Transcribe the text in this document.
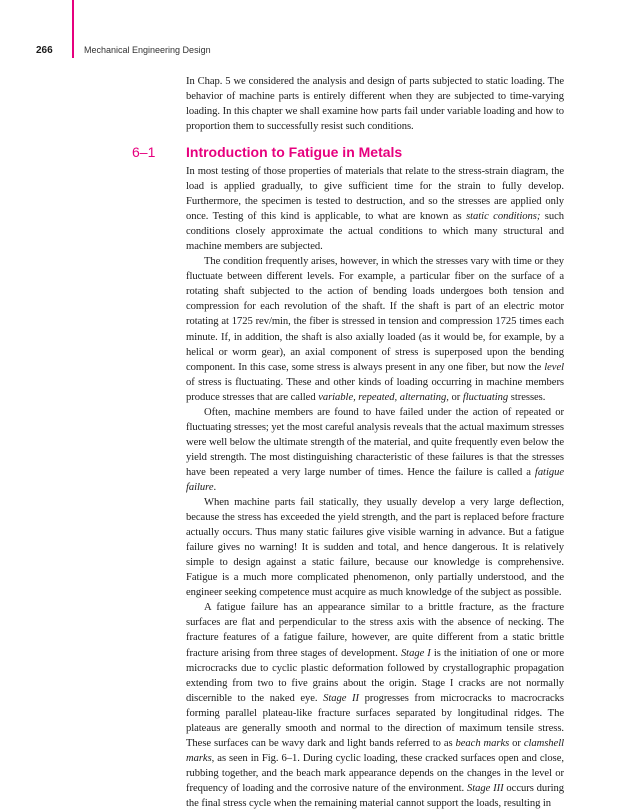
266	Mechanical Engineering Design

In Chap. 5 we considered the analysis and design of parts subjected to static loading. The behavior of machine parts is entirely different when they are subjected to time-varying loading. In this chapter we shall examine how parts fail under variable loading and how to proportion them to successfully resist such conditions.

6–1 Introduction to Fatigue in Metals

In most testing of those properties of materials that relate to the stress-strain diagram, the load is applied gradually, to give sufficient time for the strain to fully develop. Furthermore, the specimen is tested to destruction, and so the stresses are applied only once. Testing of this kind is applicable, to what are known as static conditions; such conditions closely approximate the actual conditions to which many structural and machine members are subjected.

The condition frequently arises, however, in which the stresses vary with time or they fluctuate between different levels. For example, a particular fiber on the surface of a rotating shaft subjected to the action of bending loads undergoes both tension and compression for each revolution of the shaft. If the shaft is part of an electric motor rotating at 1725 rev/min, the fiber is stressed in tension and compression 1725 times each minute. If, in addition, the shaft is also axially loaded (as it would be, for example, by a helical or worm gear), an axial component of stress is superposed upon the bending component. In this case, some stress is always present in any one fiber, but now the level of stress is fluctuating. These and other kinds of loading occurring in machine members produce stresses that are called variable, repeated, alternating, or fluctuating stresses.

Often, machine members are found to have failed under the action of repeated or fluctuating stresses; yet the most careful analysis reveals that the actual maximum stresses were well below the ultimate strength of the material, and quite frequently even below the yield strength. The most distinguishing characteristic of these failures is that the stresses have been repeated a very large number of times. Hence the failure is called a fatigue failure.

When machine parts fail statically, they usually develop a very large deflection, because the stress has exceeded the yield strength, and the part is replaced before fracture actually occurs. Thus many static failures give visible warning in advance. But a fatigue failure gives no warning! It is sudden and total, and hence dangerous. It is relatively simple to design against a static failure, because our knowledge is comprehensive. Fatigue is a much more complicated phenomenon, only partially understood, and the engineer seeking competence must acquire as much knowledge of the subject as possible.

A fatigue failure has an appearance similar to a brittle fracture, as the fracture surfaces are flat and perpendicular to the stress axis with the absence of necking. The fracture features of a fatigue failure, however, are quite different from a static brittle fracture arising from three stages of development. Stage I is the initiation of one or more microcracks due to cyclic plastic deformation followed by crystallographic propagation extending from two to five grains about the origin. Stage I cracks are not normally discernible to the naked eye. Stage II progresses from microcracks to macrocracks forming parallel plateau-like fracture surfaces separated by longitudinal ridges. The plateaus are generally smooth and normal to the direction of maximum tensile stress. These surfaces can be wavy dark and light bands referred to as beach marks or clamshell marks, as seen in Fig. 6–1. During cyclic loading, these cracked surfaces open and close, rubbing together, and the beach mark appearance depends on the changes in the level or frequency of loading and the corrosive nature of the environment. Stage III occurs during the final stress cycle when the remaining material cannot support the loads, resulting in
